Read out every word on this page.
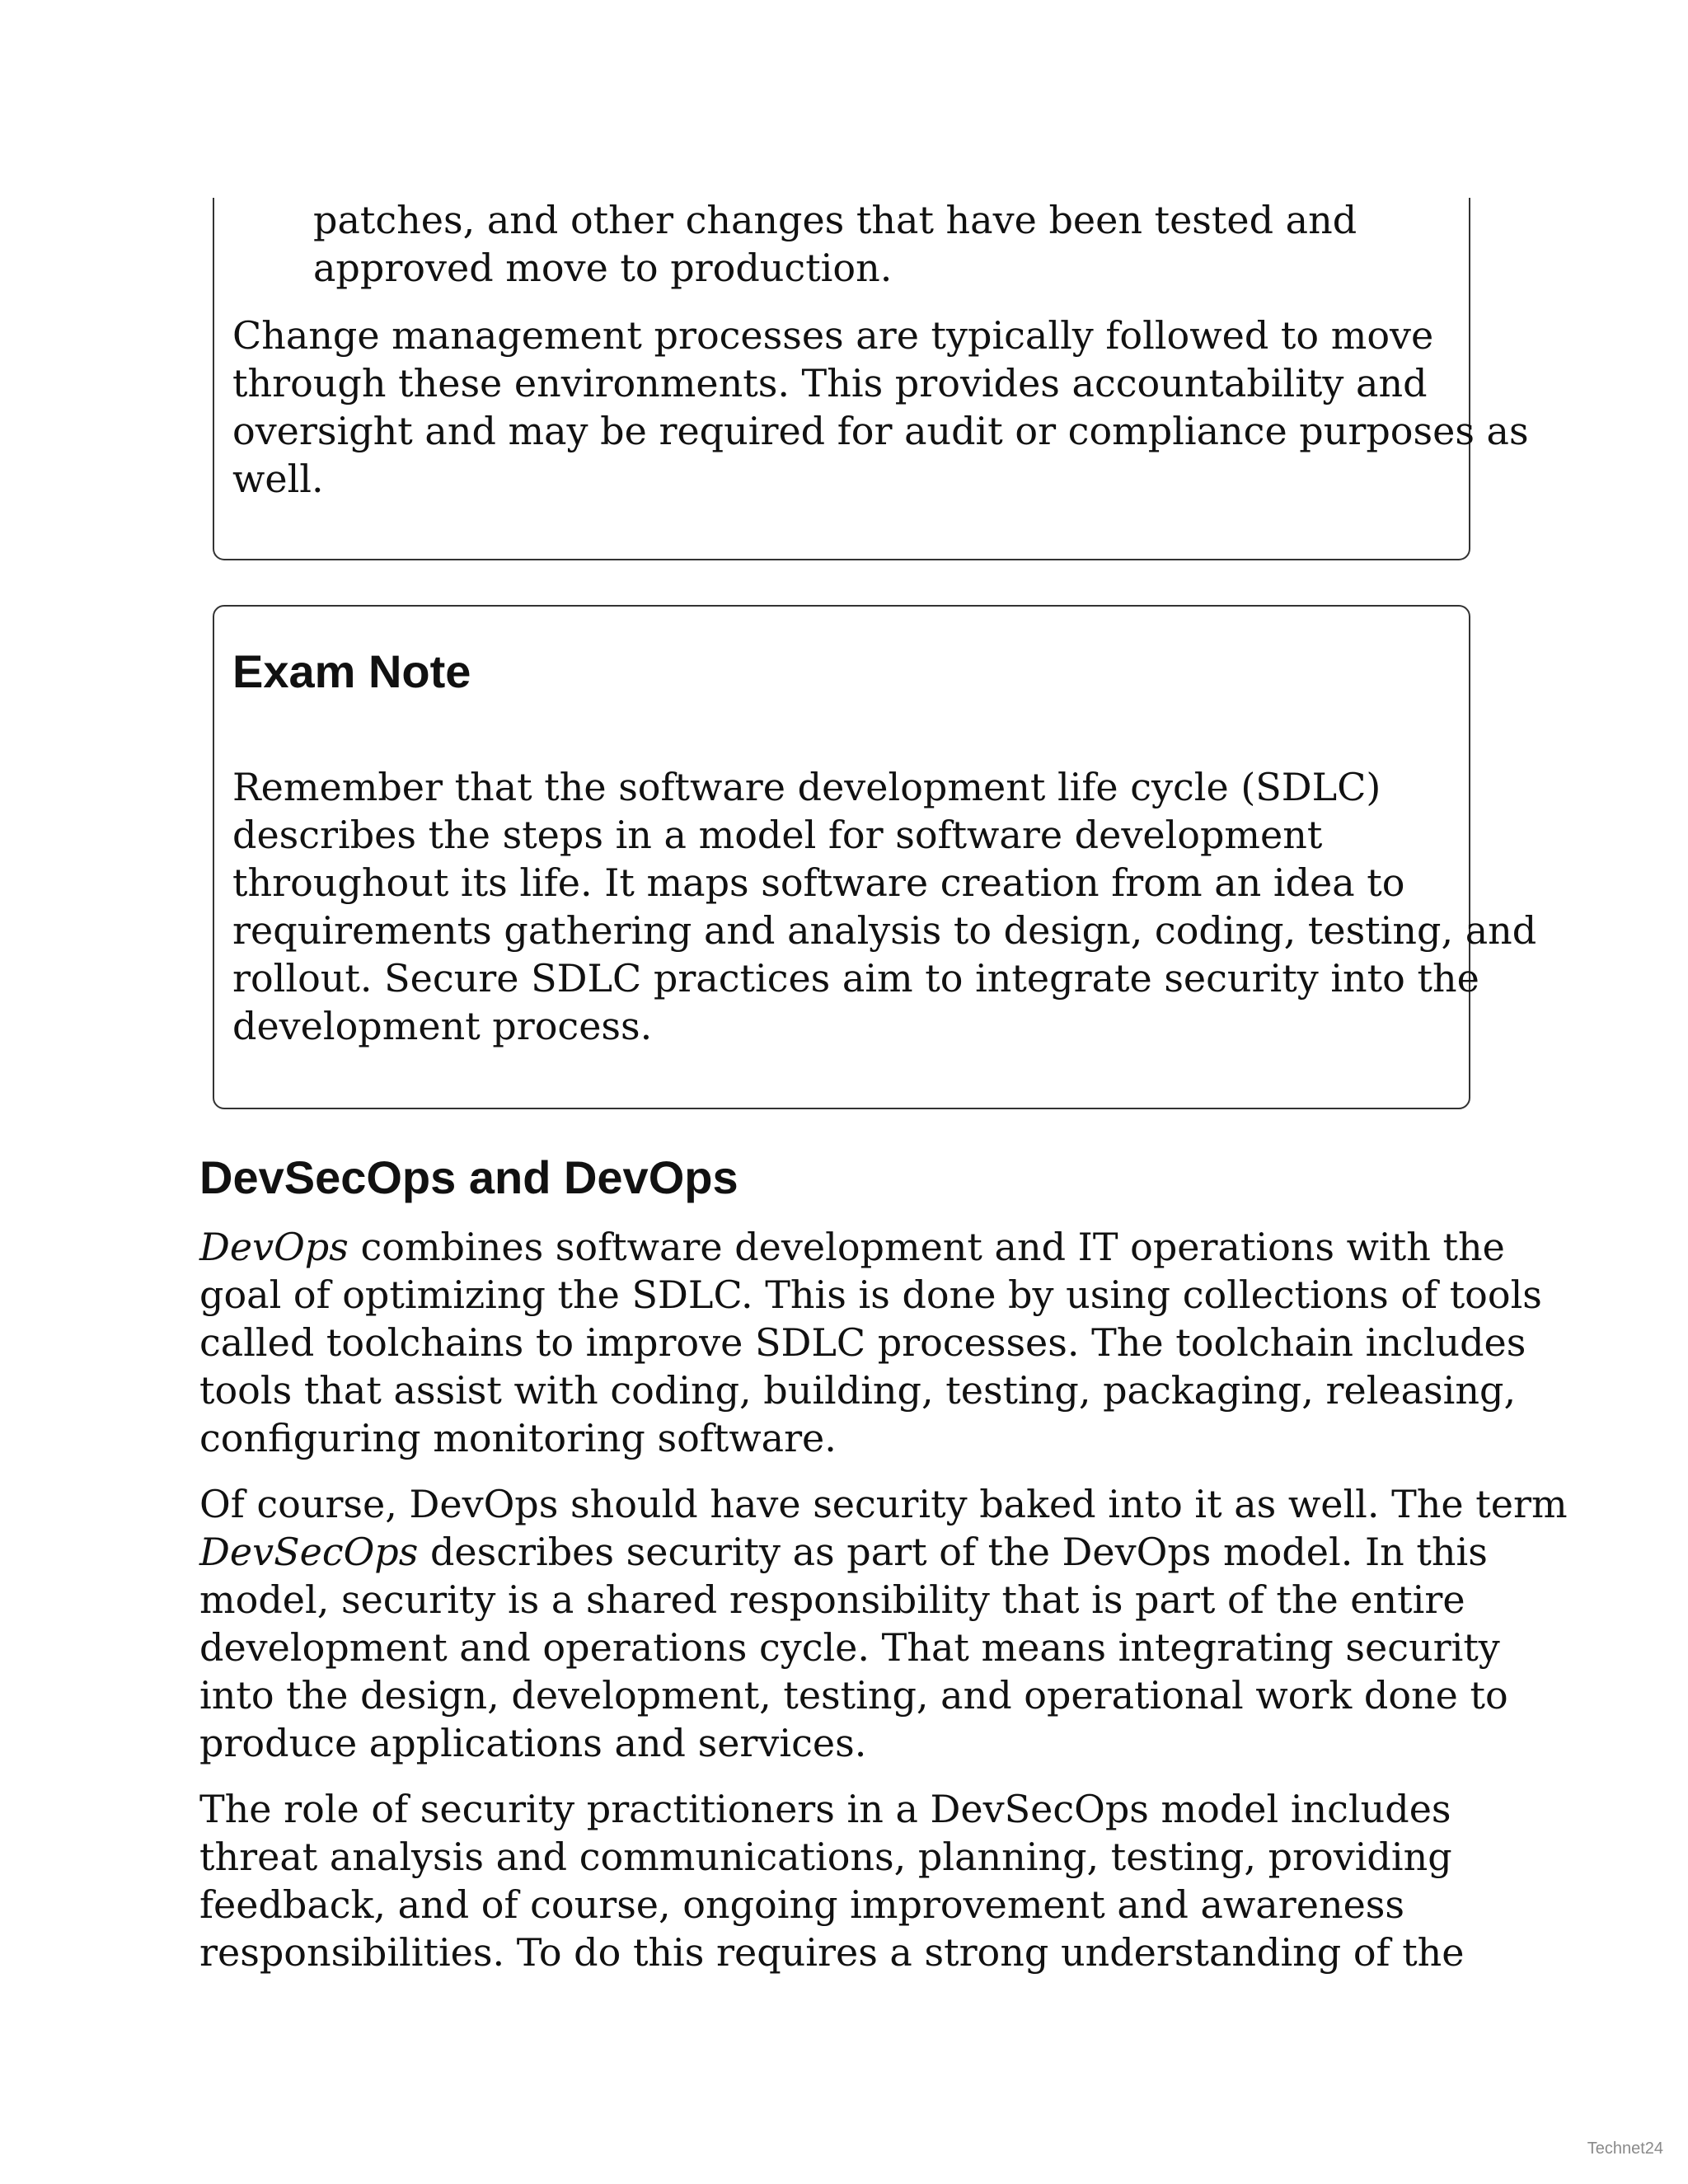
patches, and other changes that have been tested and
approved move to production.

Change management processes are typically followed to move
through these environments. This provides accountability and
oversight and may be required for audit or compliance purposes as
well.

Exam Note

Remember that the software development life cycle (SDLC)
describes the steps in a model for software development
throughout its life. It maps software creation from an idea to
requirements gathering and analysis to design, coding, testing, and
rollout. Secure SDLC practices aim to integrate security into the
development process.

DevSecOps and DevOps

DevOps combines software development and IT operations with the
goal of optimizing the SDLC. This is done by using collections of tools
called toolchains to improve SDLC processes. The toolchain includes
tools that assist with coding, building, testing, packaging, releasing,
configuring monitoring software.

Of course, DevOps should have security baked into it as well. The term
DevSecOps describes security as part of the DevOps model. In this
model, security is a shared responsibility that is part of the entire
development and operations cycle. That means integrating security
into the design, development, testing, and operational work done to
produce applications and services.

The role of security practitioners in a DevSecOps model includes
threat analysis and communications, planning, testing, providing
feedback, and of course, ongoing improvement and awareness
responsibilities. To do this requires a strong understanding of the

Technet24
